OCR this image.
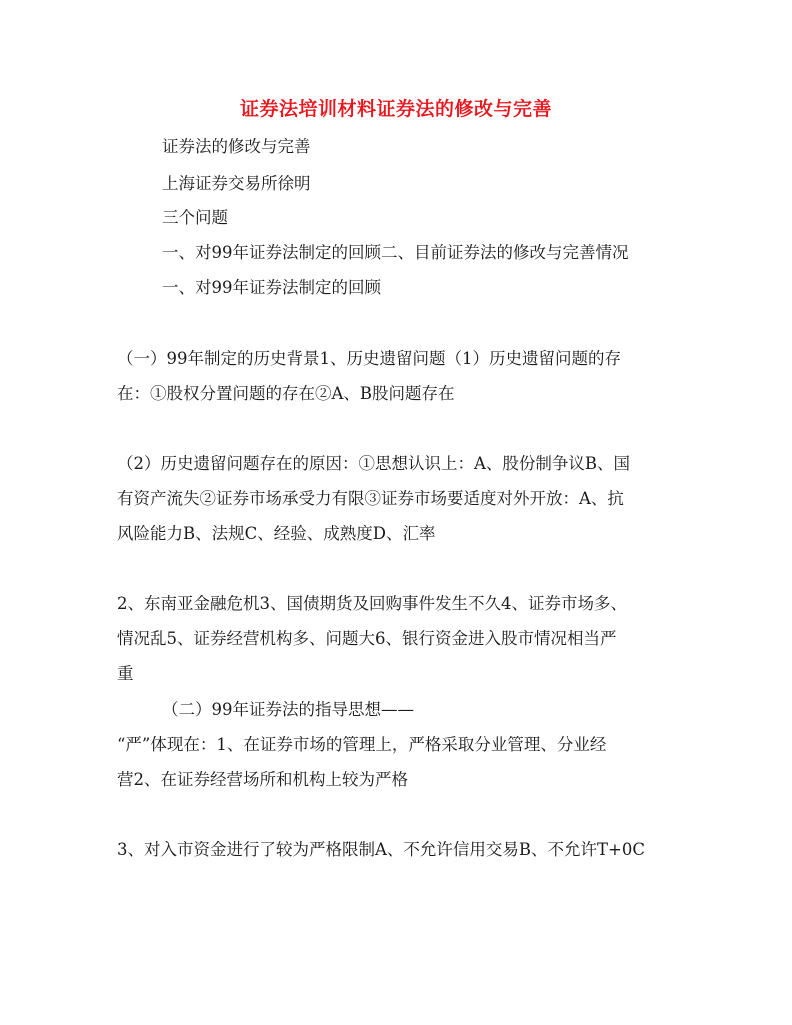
证券法培训材料证券法的修改与完善
证券法的修改与完善
上海证券交易所徐明
三个问题
一、对99年证券法制定的回顾二、目前证券法的修改与完善情况
一、对99年证券法制定的回顾
（一）99年制定的历史背景1、历史遗留问题（1）历史遗留问题的存
在：①股权分置问题的存在②A、B股问题存在
（2）历史遗留问题存在的原因：①思想认识上：A、股份制争议B、国
有资产流失②证券市场承受力有限③证券市场要适度对外开放：A、抗
风险能力B、法规C、经验、成熟度D、汇率
2、东南亚金融危机3、国债期货及回购事件发生不久4、证券市场多、
情况乱5、证券经营机构多、问题大6、银行资金进入股市情况相当严
重
（二）99年证券法的指导思想——
“严”体现在：1、在证券市场的管理上，严格采取分业管理、分业经
营2、在证券经营场所和机构上较为严格
3、对入市资金进行了较为严格限制A、不允许信用交易B、不允许T+0C
